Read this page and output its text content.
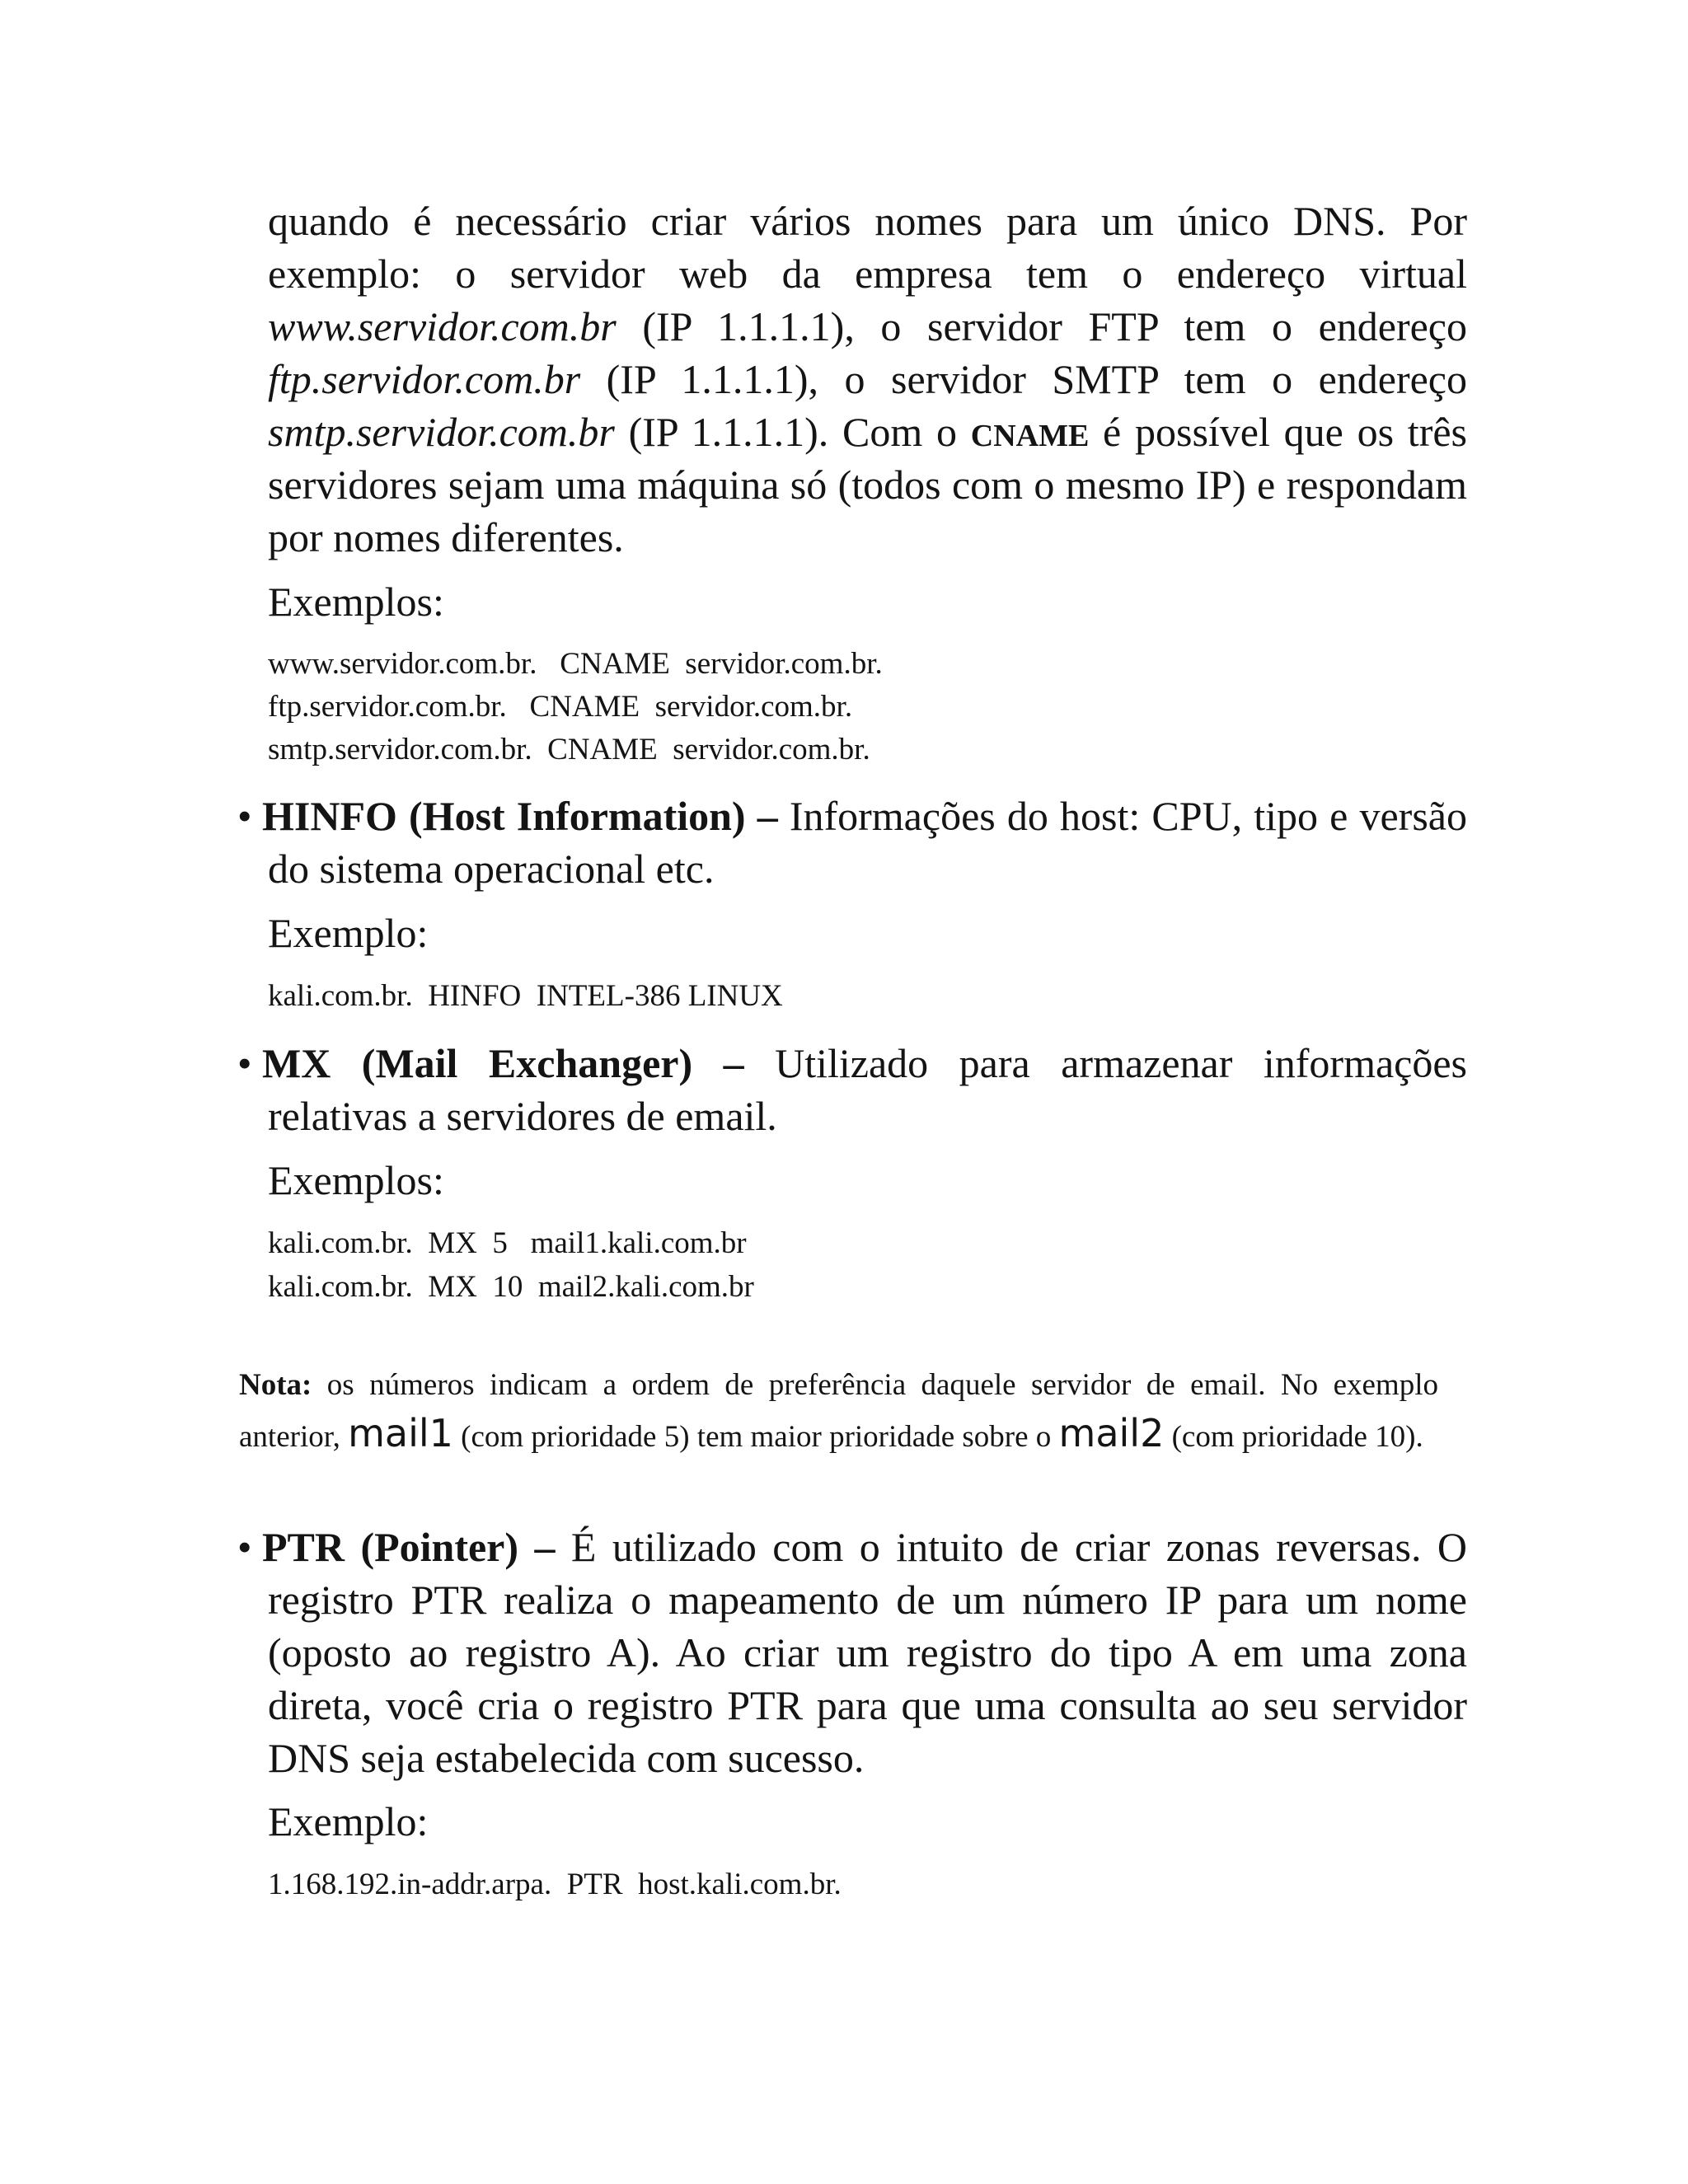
quando é necessário criar vários nomes para um único DNS. Por

exemplo: o servidor web da empresa tem o endereço virtual

www.servidor.com.br (IP 1.1.1.1), o servidor FTP tem o endereço

ftp.servidor.com.br (IP 1.1.1.1), o servidor SMTP tem o endereço

smtp.servidor.com.br (IP 1.1.1.1). Com o CNAME é possível que os três

servidores sejam uma máquina só (todos com o mesmo IP) e respondam

por nomes diferentes.

Exemplos:

www.servidor.com.br.   CNAME  servidor.com.br.

ftp.servidor.com.br.   CNAME  servidor.com.br.

smtp.servidor.com.br.  CNAME  servidor.com.br.

• HINFO (Host Information) – Informações do host: CPU, tipo e versão
do sistema operacional etc.

Exemplo:

kali.com.br.  HINFO  INTEL-386 LINUX

• MX (Mail Exchanger) – Utilizado para armazenar informações
relativas a servidores de email.

Exemplos:

kali.com.br.  MX  5   mail1.kali.com.br

kali.com.br.  MX  10  mail2.kali.com.br

Nota: os números indicam a ordem de preferência daquele servidor de email. No exemplo
anterior, mail1 (com prioridade 5) tem maior prioridade sobre o mail2 (com prioridade 10).
• PTR (Pointer) – É utilizado com o intuito de criar zonas reversas. O
registro PTR realiza o mapeamento de um número IP para um nome
(oposto ao registro A). Ao criar um registro do tipo A em uma zona
direta, você cria o registro PTR para que uma consulta ao seu servidor
DNS seja estabelecida com sucesso.

Exemplo:

1.168.192.in-addr.arpa.  PTR  host.kali.com.br.
